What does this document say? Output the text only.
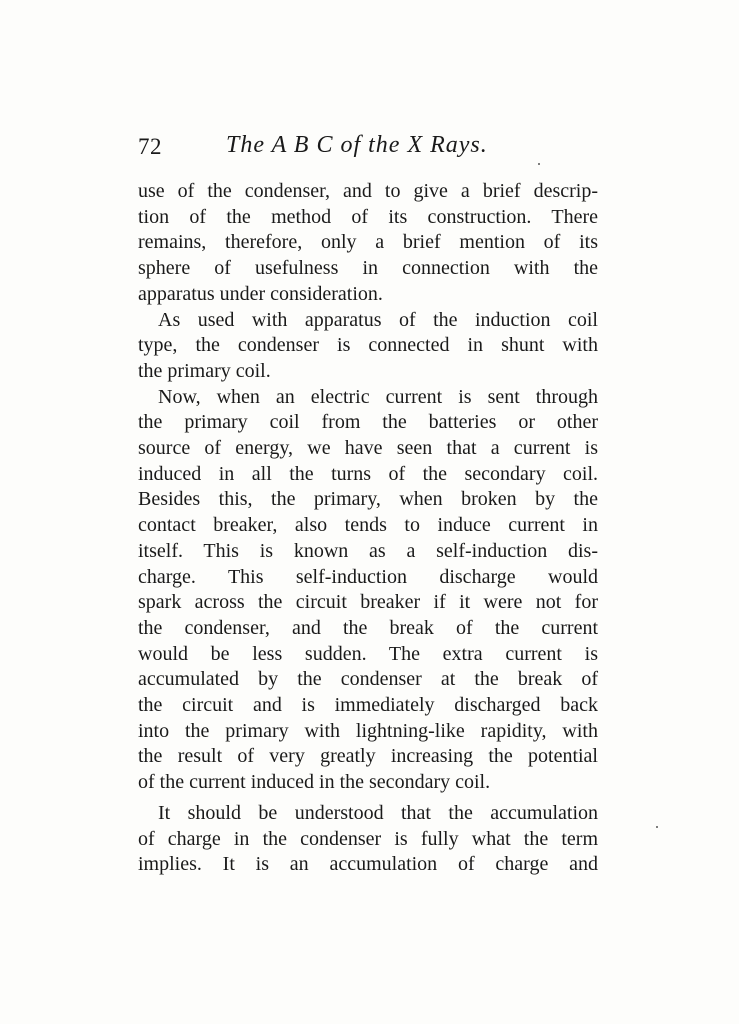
72	The A B C of the X Rays.

use of the condenser, and to give a brief descrip-
tion of the method of its construction. There
remains, therefore, only a brief mention of its
sphere of usefulness in connection with the
apparatus under consideration.

As used with apparatus of the induction coil
type, the condenser is connected in shunt with
the primary coil.

Now, when an electric current is sent through
the primary coil from the batteries or other
source of energy, we have seen that a current is
induced in all the turns of the secondary coil.
Besides this, the primary, when broken by the
contact breaker, also tends to induce current in
itself. This is known as a self-induction dis-
charge. This self-induction discharge would
spark across the circuit breaker if it were not for
the condenser, and the break of the current
would be less sudden. The extra current is
accumulated by the condenser at the break of
the circuit and is immediately discharged back
into the primary with lightning-like rapidity, with
the result of very greatly increasing the potential
of the current induced in the secondary coil.

It should be understood that the accumulation
of charge in the condenser is fully what the term
implies. It is an accumulation of charge and
